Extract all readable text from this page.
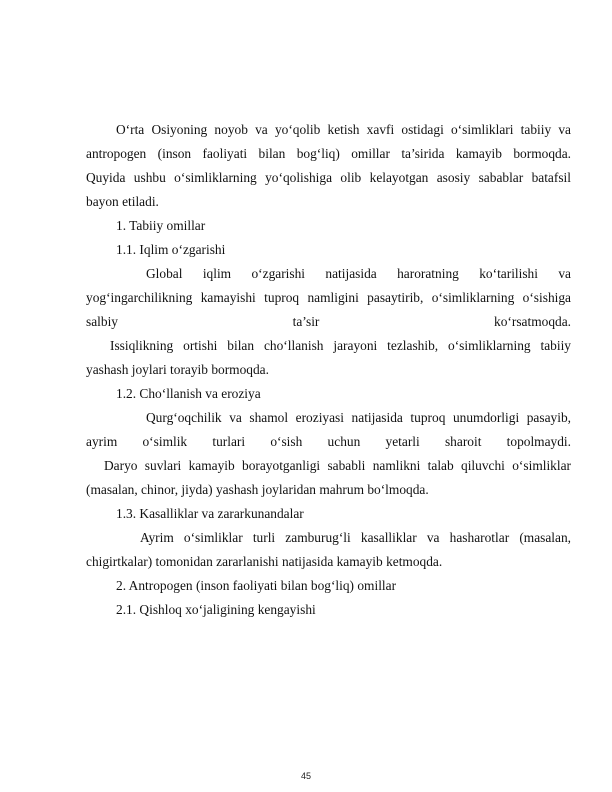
O‘rta Osiyoning noyob va yo‘qolib ketish xavfi ostidagi o‘simliklari tabiiy va
antropogen (inson faoliyati bilan bog‘liq) omillar ta’sirida kamayib bormoqda.
Quyida ushbu o‘simliklarning yo‘qolishiga olib kelayotgan asosiy sabablar batafsil
bayon etiladi.
1. Tabiiy omillar
1.1. Iqlim o‘zgarishi
Global iqlim o‘zgarishi natijasida haroratning ko‘tarilishi va
yog‘ingarchilikning kamayishi tuproq namligini pasaytirib, o‘simliklarning o‘sishiga
salbiy ta’sir ko‘rsatmoqda.
Issiqlikning ortishi bilan cho‘llanish jarayoni tezlashib, o‘simliklarning tabiiy
yashash joylari torayib bormoqda.
1.2. Cho‘llanish va eroziya
Qurg‘oqchilik va shamol eroziyasi natijasida tuproq unumdorligi pasayib,
ayrim o‘simlik turlari o‘sish uchun yetarli sharoit topolmaydi.
Daryo suvlari kamayib borayotganligi sababli namlikni talab qiluvchi o‘simliklar
(masalan, chinor, jiyda) yashash joylaridan mahrum bo‘lmoqda.
1.3. Kasalliklar va zararkunandalar
Ayrim o‘simliklar turli zamburug‘li kasalliklar va hasharotlar (masalan,
chigirtkalar) tomonidan zararlanishi natijasida kamayib ketmoqda.
2. Antropogen (inson faoliyati bilan bog‘liq) omillar
2.1. Qishloq xo‘jaligining kengayishi
45
